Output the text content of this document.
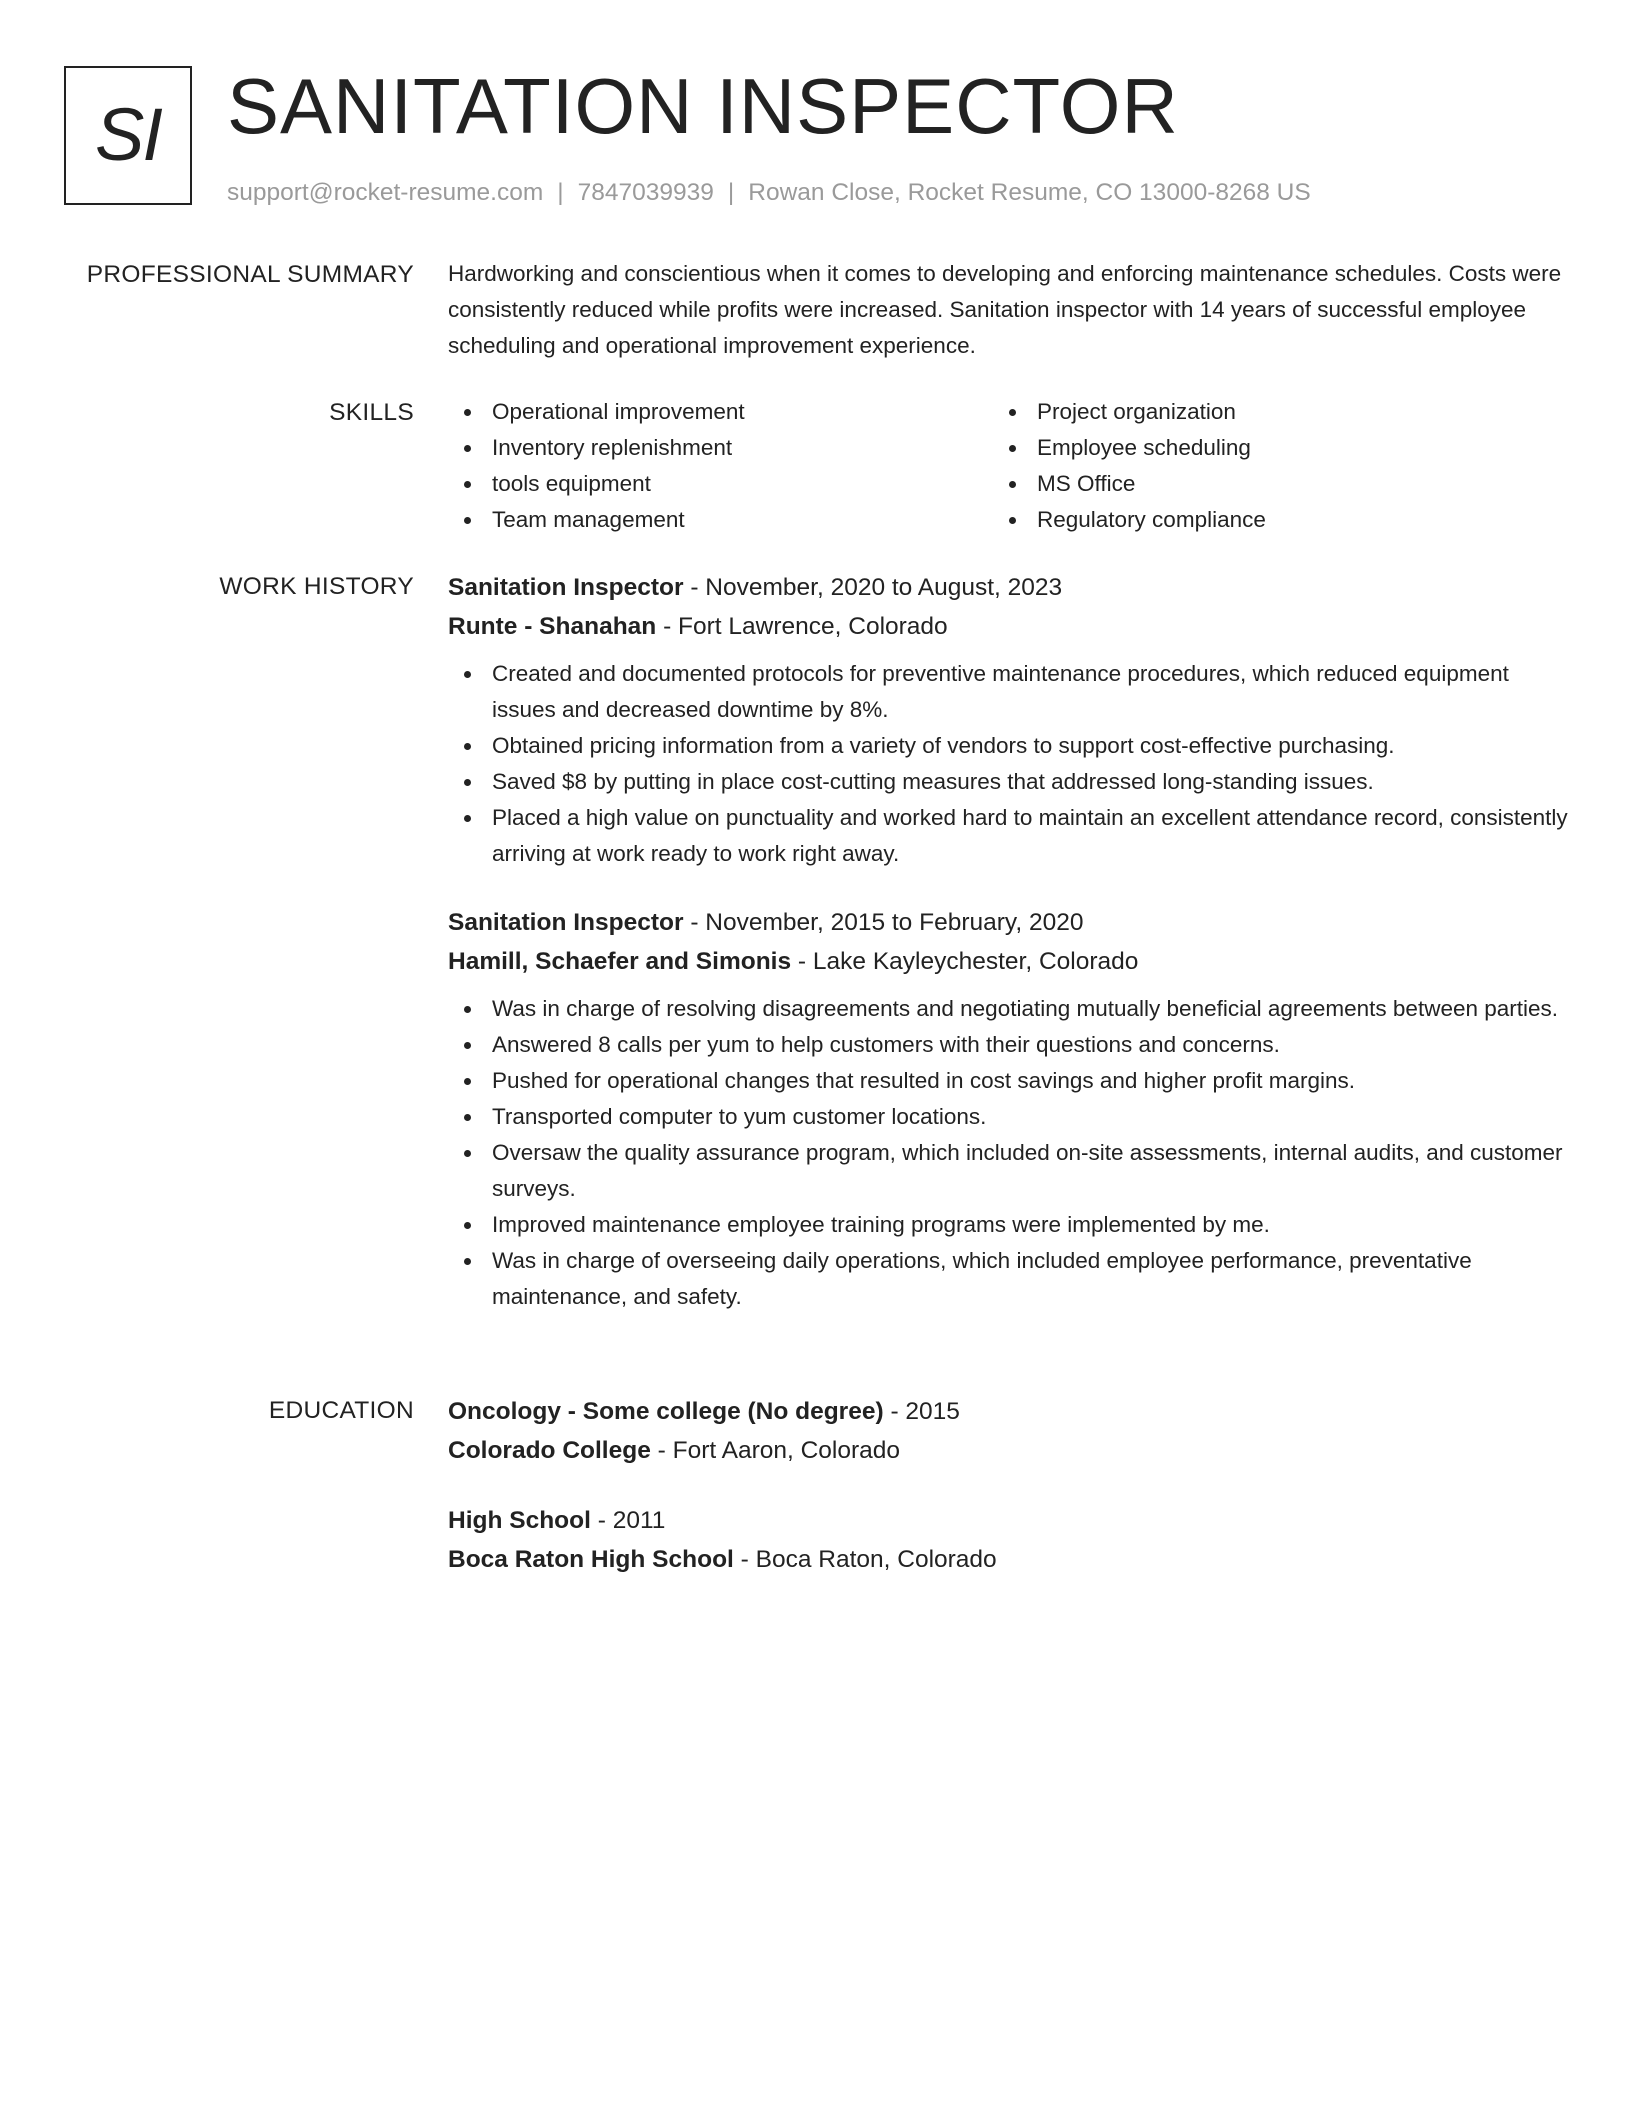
SI SANITATION INSPECTOR
support@rocket-resume.com | 7847039939 | Rowan Close, Rocket Resume, CO 13000-8268 US
PROFESSIONAL SUMMARY Hardworking and conscientious when it comes to developing and enforcing maintenance schedules. Costs were consistently reduced while profits were increased. Sanitation inspector with 14 years of successful employee scheduling and operational improvement experience.

SKILLS	Operational improvement
Inventory replenishment
tools equipment
Team management
Project organization
Employee scheduling
MS Office
Regulatory compliance
WORK HISTORY Sanitation Inspector - November, 2020 to August, 2023
Runte - Shanahan - Fort Lawrence, Colorado
Created and documented protocols for preventive maintenance procedures, which reduced equipment issues and decreased downtime by 8%.
Obtained pricing information from a variety of vendors to support cost-effective purchasing.
Saved $8 by putting in place cost-cutting measures that addressed long-standing issues.
Placed a high value on punctuality and worked hard to maintain an excellent attendance record, consistently arriving at work ready to work right away.
Sanitation Inspector - November, 2015 to February, 2020
Hamill, Schaefer and Simonis - Lake Kayleychester, Colorado
Was in charge of resolving disagreements and negotiating mutually beneficial agreements between parties.
Answered 8 calls per yum to help customers with their questions and concerns.
Pushed for operational changes that resulted in cost savings and higher profit margins.
Transported computer to yum customer locations.
Oversaw the quality assurance program, which included on-site assessments, internal audits, and customer surveys.
Improved maintenance employee training programs were implemented by me.
Was in charge of overseeing daily operations, which included employee performance, preventative maintenance, and safety.
EDUCATION Oncology - Some college (No degree) - 2015
Colorado College - Fort Aaron, Colorado
High School - 2011
Boca Raton High School - Boca Raton, Colorado
